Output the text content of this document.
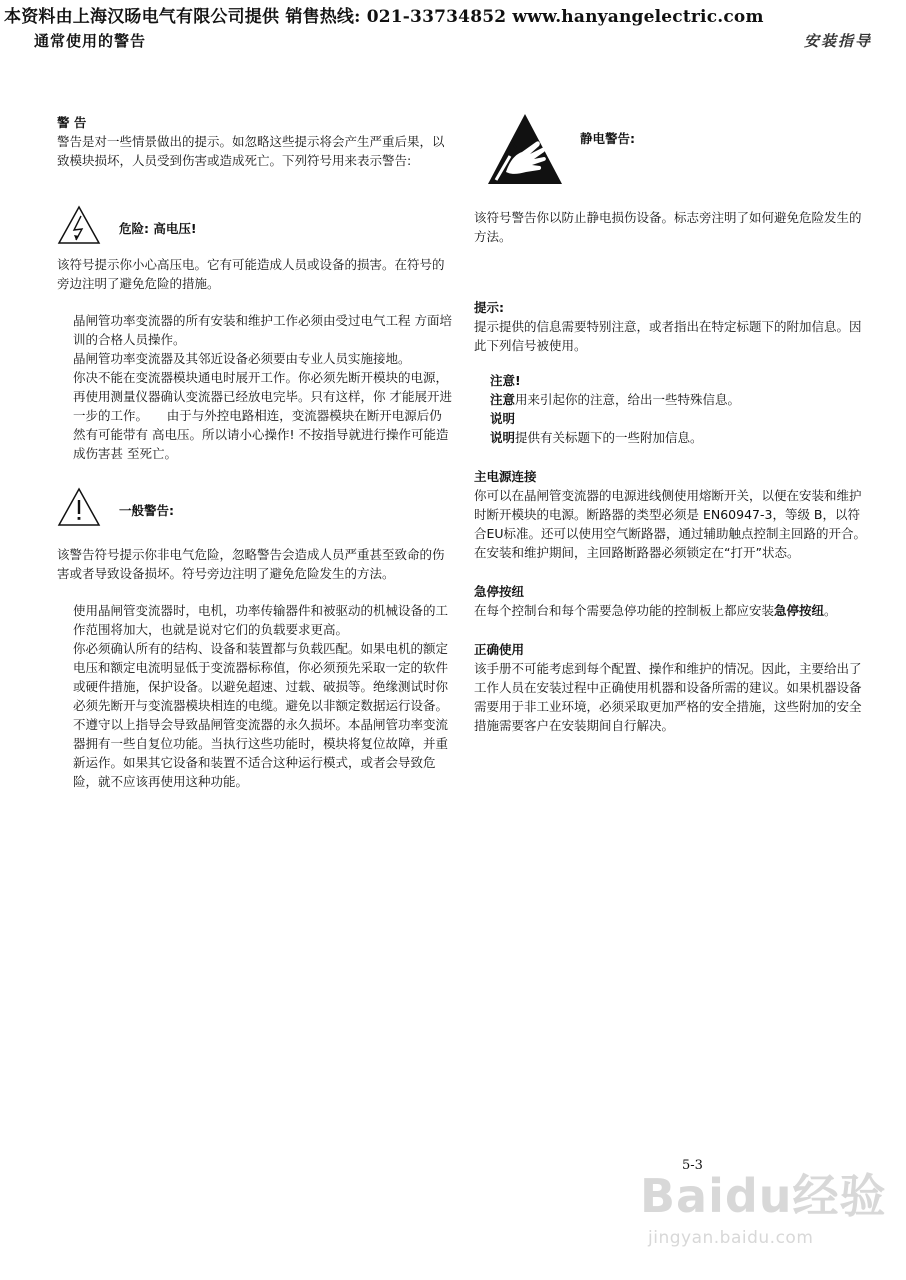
本资料由上海汉旸电气有限公司提供 销售热线: 021-33734852 www.hanyangelectric.com
通常使用的警告	安装指导

警 告

警告是对一些情景做出的提示。如忽略这些提示将会产生严重后果，以致模块损坏，人员受到伤害或造成死亡。下列符号用来表示警告:

危险: 高电压!

该符号提示你小心高压电。它有可能造成人员或设备的损害。在符号的旁边注明了避免危险的措施。

晶闸管功率变流器的所有安装和维护工作必须由受过电气工程 方面培训的合格人员操作。

晶闸管功率变流器及其邻近设备必须要由专业人员实施接地。

你决不能在变流器模块通电时展开工作。你必须先断开模块的电源，再使用测量仪器确认变流器已经放电完毕。只有这样，你 才能展开进一步的工作。　　由于与外控电路相连，变流器模块在断开电源后仍然有可能带有 高电压。所以请小心操作! 不按指导就进行操作可能造成伤害甚 至死亡。

一般警告:

该警告符号提示你非电气危险，忽略警告会造成人员严重甚至致命的伤害或者导致设备损坏。符号旁边注明了避免危险发生的方法。

使用晶闸管变流器时，电机，功率传输器件和被驱动的机械设备的工作范围将加大，也就是说对它们的负载要求更高。

你必须确认所有的结构、设备和装置都与负载匹配。如果电机的额定电压和额定电流明显低于变流器标称值，你必须预先采取一定的软件或硬件措施，保护设备。以避免超速、过载、破损等。绝缘测试时你必须先断开与变流器模块相连的电缆。避免以非额定数据运行设备。不遵守以上指导会导致晶闸管变流器的永久损坏。本晶闸管功率变流器拥有一些自复位功能。当执行这些功能时，模块将复位故障，并重新运作。如果其它设备和装置不适合这种运行模式，或者会导致危险，就不应该再使用这种功能。

静电警告:

该符号警告你以防止静电损伤设备。标志旁注明了如何避免危险发生的方法。

提示:

提示提供的信息需要特别注意，或者指出在特定标题下的附加信息。因此下列信号被使用。

注意!

注意用来引起你的注意，给出一些特殊信息。

说明

说明提供有关标题下的一些附加信息。

主电源连接

你可以在晶闸管变流器的电源进线侧使用熔断开关，以便在安装和维护时断开模块的电源。断路器的类型必须是 EN60947-3，等级 B，以符合EU标准。还可以使用空气断路器，通过辅助触点控制主回路的开合。在安装和维护期间，主回路断路器必须锁定在“打开”状态。

急停按纽

在每个控制台和每个需要急停功能的控制板上都应安装急停按纽。

正确使用

该手册不可能考虑到每个配置、操作和维护的情况。因此，主要给出了工作人员在安装过程中正确使用机器和设备所需的建议。如果机器设备需要用于非工业环境，必须采取更加严格的安全措施，这些附加的安全措施需要客户在安装期间自行解决。

Baidu经验
jingyan.baidu.com
5-3
